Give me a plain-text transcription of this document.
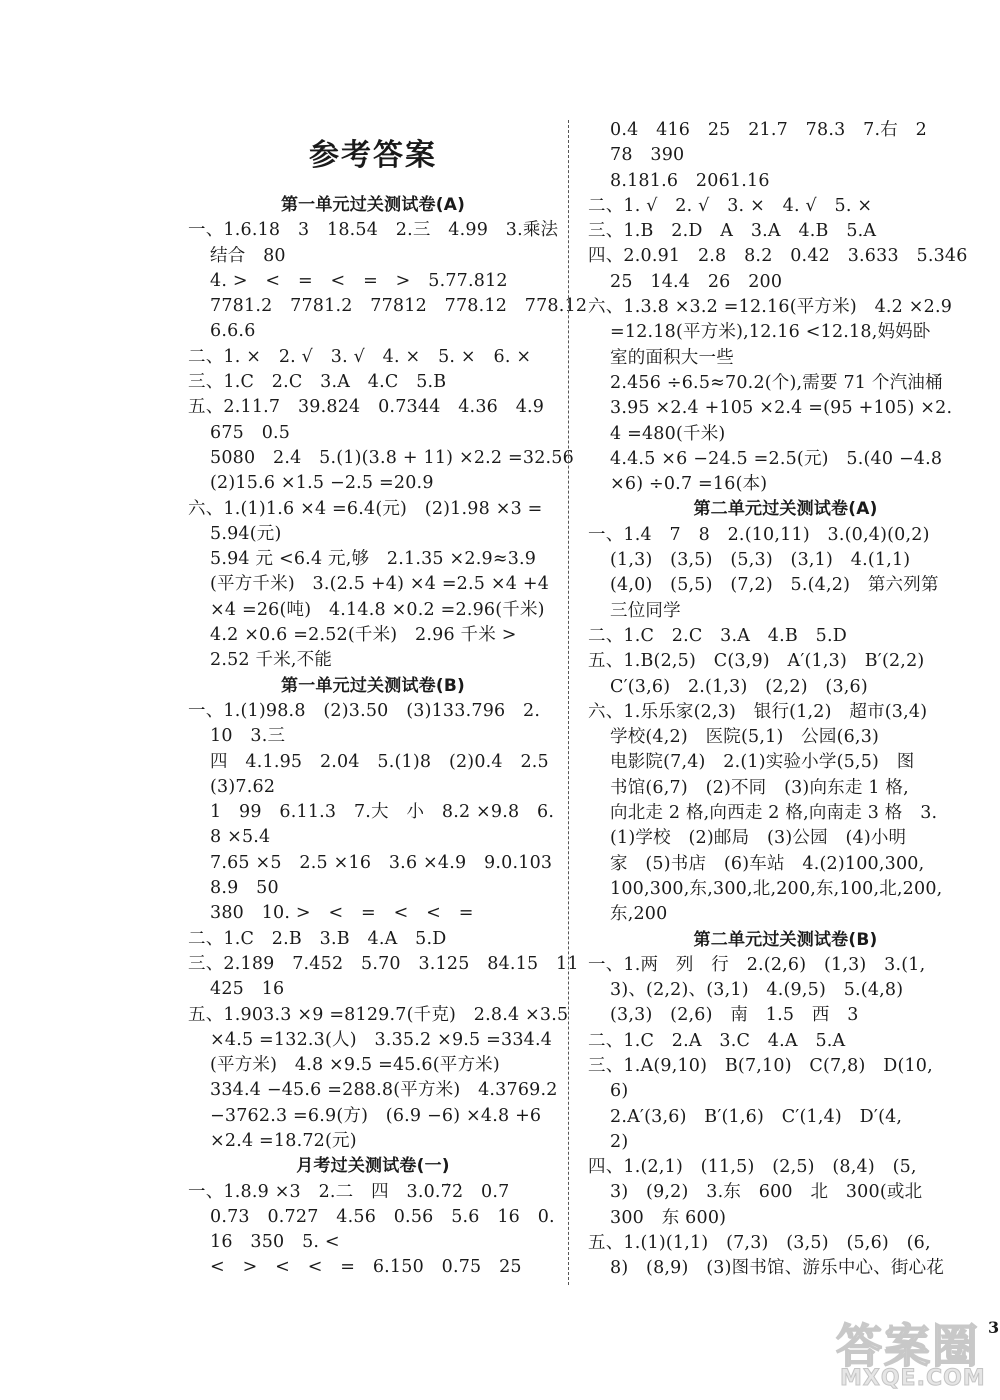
参考答案
第一单元过关测试卷(A)
一、1.6.18　3　18.54　2.三　4.99　3.乘法
结合　80
4. >　<　=　<　=　>　5.77.812
7781.2　7781.2　77812　778.12　778.12
6.6.6
二、1. ×　2. √　3. √　4. ×　5. ×　6. ×
三、1.C　2.C　3.A　4.C　5.B
五、2.11.7　39.824　0.7344　4.36　4.9
675　0.5
5080　2.4　5.(1)(3.8 + 11) ×2.2 =32.56
(2)15.6 ×1.5 −2.5 =20.9
六、1.(1)1.6 ×4 =6.4(元)　(2)1.98 ×3 =
5.94(元)
5.94 元 <6.4 元,够　2.1.35 ×2.9≈3.9
(平方千米)　3.(2.5 +4) ×4 =2.5 ×4 +4
×4 =26(吨)　4.14.8 ×0.2 =2.96(千米)
4.2 ×0.6 =2.52(千米)　2.96 千米 >
2.52 千米,不能
第一单元过关测试卷(B)
一、1.(1)98.8　(2)3.50　(3)133.796　2.
10　3.三
四　4.1.95　2.04　5.(1)8　(2)0.4　2.5
(3)7.62
1　99　6.11.3　7.大　小　8.2 ×9.8　6.
8 ×5.4
7.65 ×5　2.5 ×16　3.6 ×4.9　9.0.103
8.9　50
380　10. >　<　=　<　<　=
二、1.C　2.B　3.B　4.A　5.D
三、2.189　7.452　5.70　3.125　84.15　11
425　16
五、1.903.3 ×9 =8129.7(千克)　2.8.4 ×3.5
×4.5 =132.3(人)　3.35.2 ×9.5 =334.4
(平方米)　4.8 ×9.5 =45.6(平方米)
334.4 −45.6 =288.8(平方米)　4.3769.2
−3762.3 =6.9(方)　(6.9 −6) ×4.8 +6
×2.4 =18.72(元)
月考过关测试卷(一)
一、1.8.9 ×3　2.二　四　3.0.7̇2̇　0.7
0.73　0.727　4.56　0.56　5.6　16　0.
16　350　5. <
<　>　<　<　=　6.150　0.75　25
0.4　416　25　21.7　78.3　7.右　2
78　390
8.181.6　2061.16
二、1. √　2. √　3. ×　4. √　5. ×
三、1.B　2.D　A　3.A　4.B　5.A
四、2.0.91　2.8　8.2　0.42　3.633　5.346
25　14.4　26　200
六、1.3.8 ×3.2 =12.16(平方米)　4.2 ×2.9
=12.18(平方米),12.16 <12.18,妈妈卧
室的面积大一些
2.456 ÷6.5≈70.2(个),需要 71 个汽油桶
3.95 ×2.4 +105 ×2.4 =(95 +105) ×2.
4 =480(千米)
4.4.5 ×6 −24.5 =2.5(元)　5.(40 −4.8
×6) ÷0.7 =16(本)
第二单元过关测试卷(A)
一、1.4　7　8　2.(10,11)　3.(0,4)(0,2)
(1,3)　(3,5)　(5,3)　(3,1)　4.(1,1)
(4,0)　(5,5)　(7,2)　5.(4,2)　第六列第
三位同学
二、1.C　2.C　3.A　4.B　5.D
五、1.B(2,5)　C(3,9)　A′(1,3)　B′(2,2)
C′(3,6)　2.(1,3)　(2,2)　(3,6)
六、1.乐乐家(2,3)　银行(1,2)　超市(3,4)
学校(4,2)　医院(5,1)　公园(6,3)
电影院(7,4)　2.(1)实验小学(5,5)　图
书馆(6,7)　(2)不同　(3)向东走 1 格,
向北走 2 格,向西走 2 格,向南走 3 格　3.
(1)学校　(2)邮局　(3)公园　(4)小明
家　(5)书店　(6)车站　4.(2)100,300,
100,300,东,300,北,200,东,100,北,200,
东,200
第二单元过关测试卷(B)
一、1.两　列　行　2.(2,6)　(1,3)　3.(1,
3)、(2,2)、(3,1)　4.(9,5)　5.(4,8)
(3,3)　(2,6)　南　1.5　西　3
二、1.C　2.A　3.C　4.A　5.A
三、1.A(9,10)　B(7,10)　C(7,8)　D(10,
6)
2.A′(3,6)　B′(1,6)　C′(1,4)　D′(4,
2)
四、1.(2,1)　(11,5)　(2,5)　(8,4)　(5,
3)　(9,2)　3.东　600　北　300(或北
300　东 600)
五、1.(1)(1,1)　(7,3)　(3,5)　(5,6)　(6,
8)　(8,9)　(3)图书馆、游乐中心、街心花
3
答案圈
MXQE.COM
